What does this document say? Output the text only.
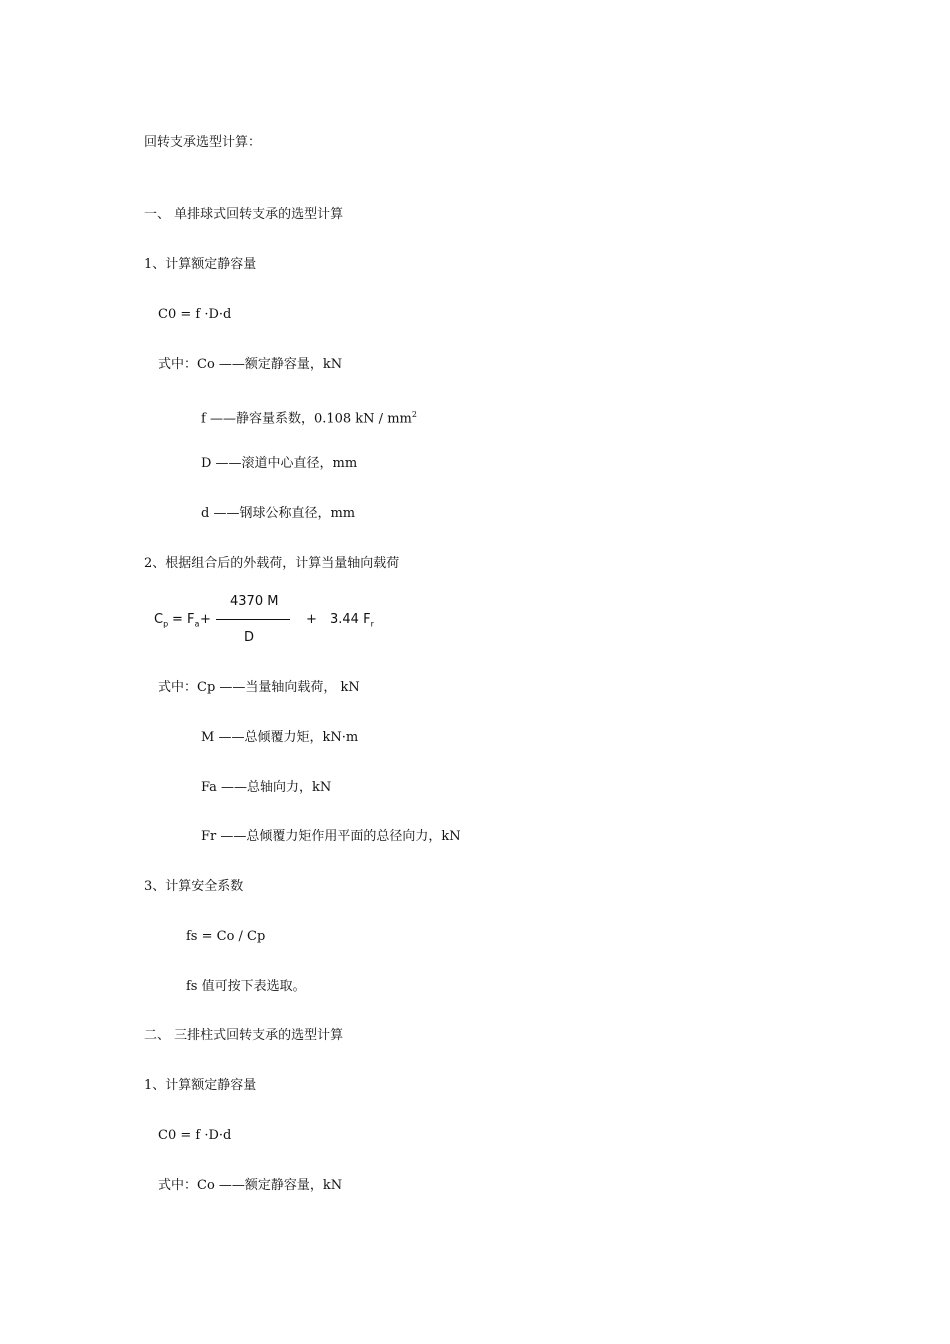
回转支承选型计算：
一、 单排球式回转支承的选型计算
1、计算额定静容量
C0 = f ·D·d
式中：Co ——额定静容量，kN
f ——静容量系数，0.108 kN / $mm^2$
D ——滚道中心直径，mm
d ——钢球公称直径，mm
2、根据组合后的外载荷，计算当量轴向载荷
$C_p = F_a$ +
4370 M
D
+ 3.44 $F_r$
式中：Cp ——当量轴向载荷， kN
M ——总倾覆力矩，kN·m
Fa ——总轴向力，kN
Fr ——总倾覆力矩作用平面的总径向力，kN
3、计算安全系数
fs = Co / Cp
fs 值可按下表选取。
二、 三排柱式回转支承的选型计算
1、计算额定静容量
C0 = f ·D·d
式中：Co ——额定静容量，kN
